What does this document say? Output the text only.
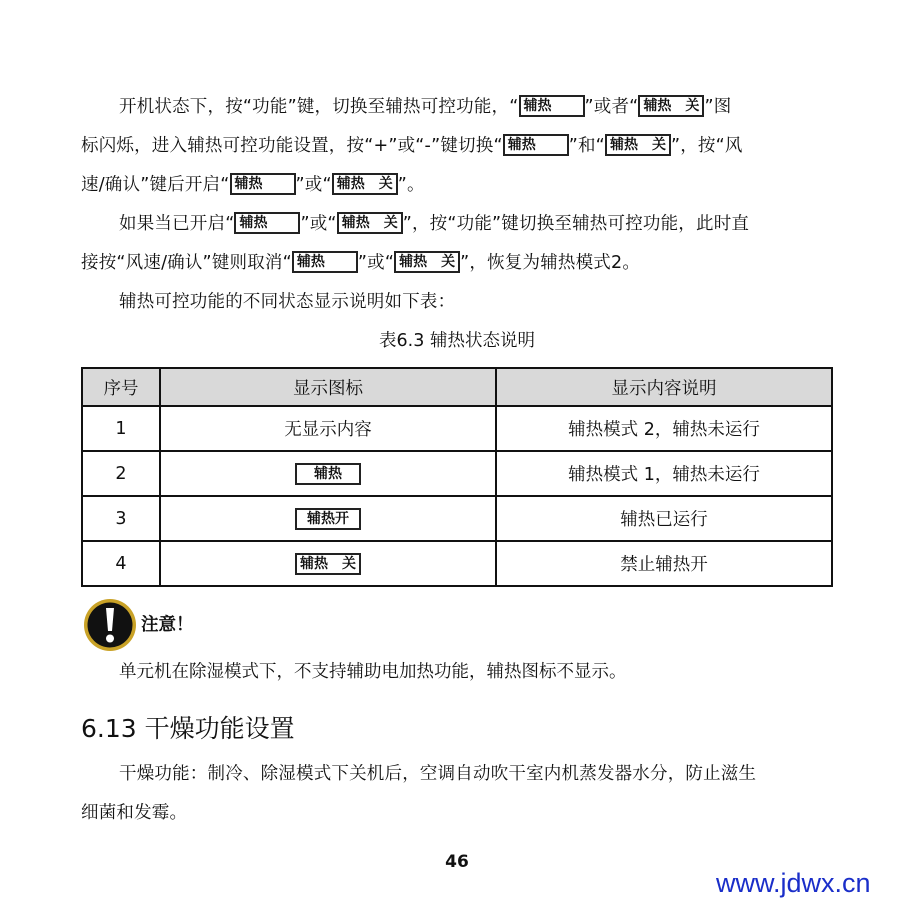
开机状态下，按“功能”键，切换至辅热可控功能，“ 辅热 ”或者“ 辅热　关 ”图
标闪烁，进入辅热可控功能设置，按“+”或“-”键切换“ 辅热 ”和“ 辅热　关 ”，按“风
速/确认”键后开启“ 辅热 ”或“ 辅热　关 ”。
如果当已开启“ 辅热 ”或“ 辅热　关 ”，按“功能”键切换至辅热可控功能，此时直
接按“风速/确认”键则取消“ 辅热 ”或“ 辅热　关 ”，恢复为辅热模式2。
辅热可控功能的不同状态显示说明如下表：
表6.3 辅热状态说明
序号	显示图标	显示内容说明
1	无显示内容	辅热模式 2，辅热未运行
2	辅热	辅热模式 1，辅热未运行
3	辅热开	辅热已运行
4	辅热　关	禁止辅热开
注意！
单元机在除湿模式下，不支持辅助电加热功能，辅热图标不显示。
6.13 干燥功能设置
干燥功能：制冷、除湿模式下关机后，空调自动吹干室内机蒸发器水分，防止滋生
细菌和发霉。
46
www.jdwx.cn
